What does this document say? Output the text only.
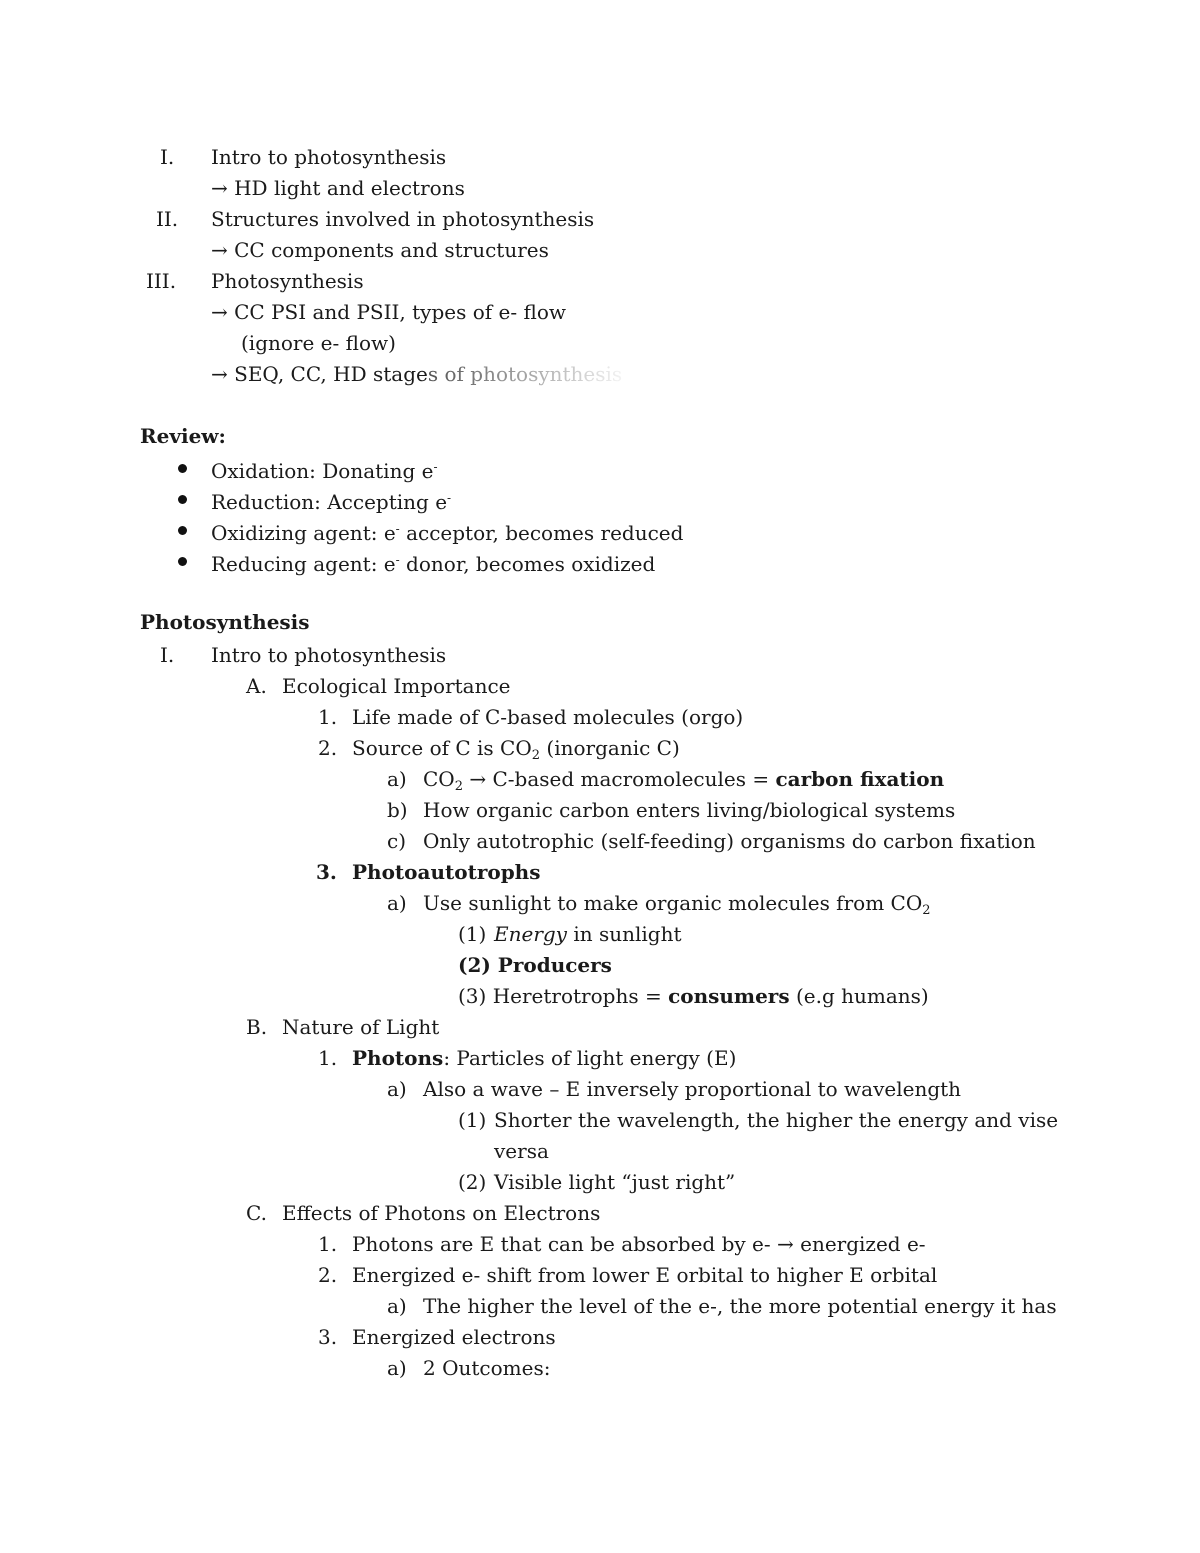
I. Intro to photosynthesis
→ HD light and electrons
II. Structures involved in photosynthesis
→ CC components and structures
III. Photosynthesis
→ CC PSI and PSII, types of e- flow
(ignore e- flow)
→ SEQ, CC, HD stages of photosynthesis
Review:
Oxidation: Donating e-
Reduction: Accepting e-
Oxidizing agent: e- acceptor, becomes reduced
Reducing agent: e- donor, becomes oxidized
Photosynthesis
I. Intro to photosynthesis
A. Ecological Importance
1. Life made of C-based molecules (orgo)
2. Source of C is $CO_2$ (inorganic C)
a) $CO_2$ → C-based macromolecules = carbon fixation
b) How organic carbon enters living/biological systems
c) Only autotrophic (self-feeding) organisms do carbon fixation
3. Photoautotrophs
a) Use sunlight to make organic molecules from $CO_2$
(1) Energy in sunlight
(2) Producers
(3) Heretrotrophs = consumers (e.g humans)
B. Nature of Light
1. Photons: Particles of light energy (E)
a) Also a wave – E inversely proportional to wavelength
(1) Shorter the wavelength, the higher the energy and vise
versa
(2) Visible light “just right”
C. Effects of Photons on Electrons
1. Photons are E that can be absorbed by e- → energized e-
2. Energized e- shift from lower E orbital to higher E orbital
a) The higher the level of the e-, the more potential energy it has
3. Energized electrons
a) 2 Outcomes:
